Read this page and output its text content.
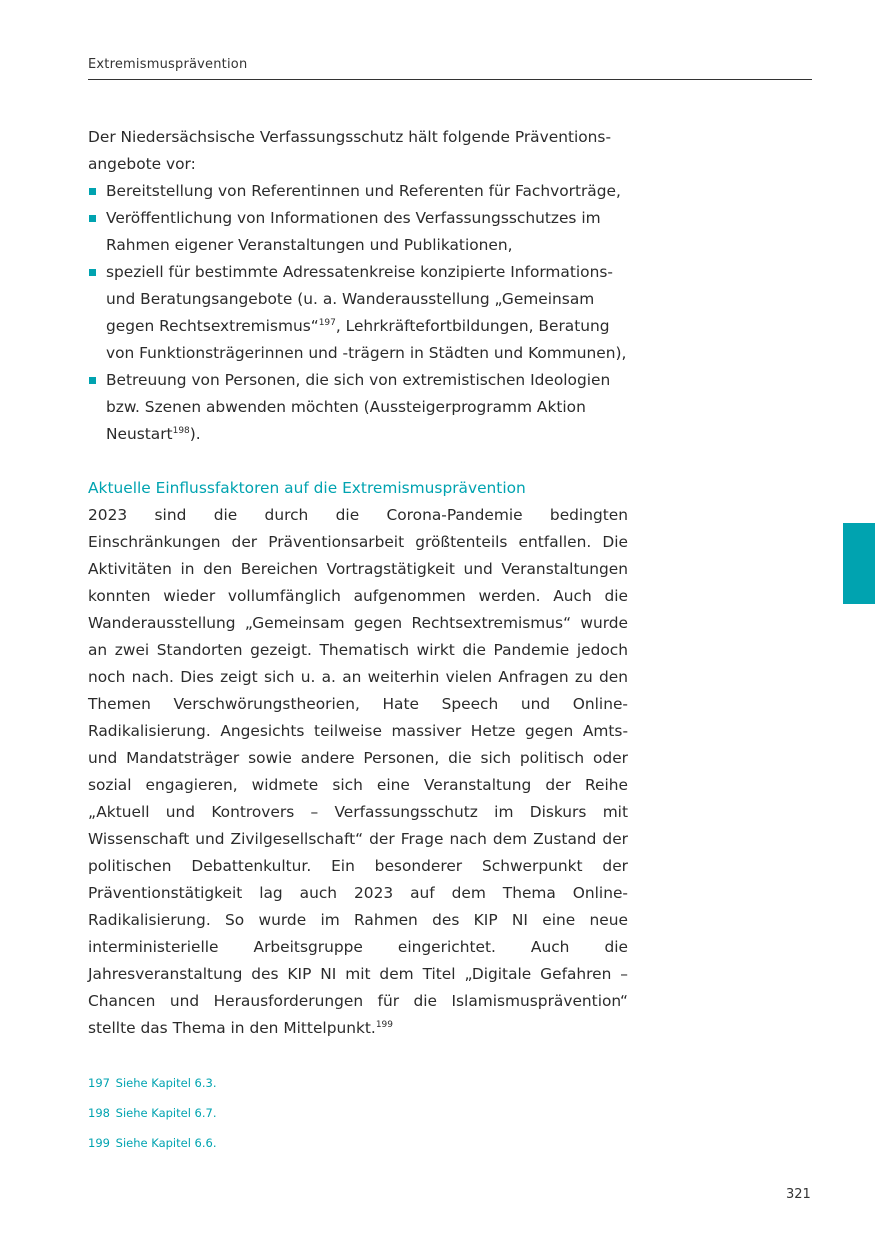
Extremismusprävention

Der Niedersächsische Verfassungsschutz hält folgende Präventions-angebote vor:

Bereitstellung von Referentinnen und Referenten für Fachvorträge,
Veröffentlichung von Informationen des Verfassungsschutzes im Rahmen eigener Veranstaltungen und Publikationen,
speziell für bestimmte Adressatenkreise konzipierte Informations-und Beratungsangebote (u. a. Wanderausstellung „Gemeinsam gegen Rechtsextremismus“$^{197}$, Lehrkräftefortbildungen, Beratung von Funktionsträgerinnen und -trägern in Städten und Kommunen),
Betreuung von Personen, die sich von extremistischen Ideologien bzw. Szenen abwenden möchten (Aussteigerprogramm Aktion Neustart$^{198}$).
Aktuelle Einflussfaktoren auf die Extremismusprävention

2023 sind die durch die Corona-Pandemie bedingten Einschränkungen der Präventionsarbeit größtenteils entfallen. Die Aktivitäten in den Bereichen Vortragstätigkeit und Veranstaltungen konnten wieder vollumfänglich aufgenommen werden. Auch die Wanderausstellung „Gemeinsam gegen Rechtsextremismus“ wurde an zwei Standorten gezeigt. Thematisch wirkt die Pandemie jedoch noch nach. Dies zeigt sich u. a. an weiterhin vielen Anfragen zu den Themen Verschwörungstheorien, Hate Speech und Online-Radikalisierung. Angesichts teilweise massiver Hetze gegen Amts- und Mandatsträger sowie andere Personen, die sich politisch oder sozial engagieren, widmete sich eine Veranstaltung der Reihe „Aktuell und Kontrovers – Verfassungsschutz im Diskurs mit Wissenschaft und Zivilgesellschaft“ der Frage nach dem Zustand der politischen Debattenkultur. Ein besonderer Schwerpunkt der Präventionstätigkeit lag auch 2023 auf dem Thema Online-Radikalisierung. So wurde im Rahmen des KIP NI eine neue interministerielle Arbeitsgruppe eingerichtet. Auch die Jahresveranstaltung des KIP NI mit dem Titel „Digitale Gefahren – Chancen und Herausforderungen für die Islamismusprävention“ stellte das Thema in den Mittelpunkt.$^{199}$

197 Siehe Kapitel 6.3.
198 Siehe Kapitel 6.7.
199 Siehe Kapitel 6.6.
321
